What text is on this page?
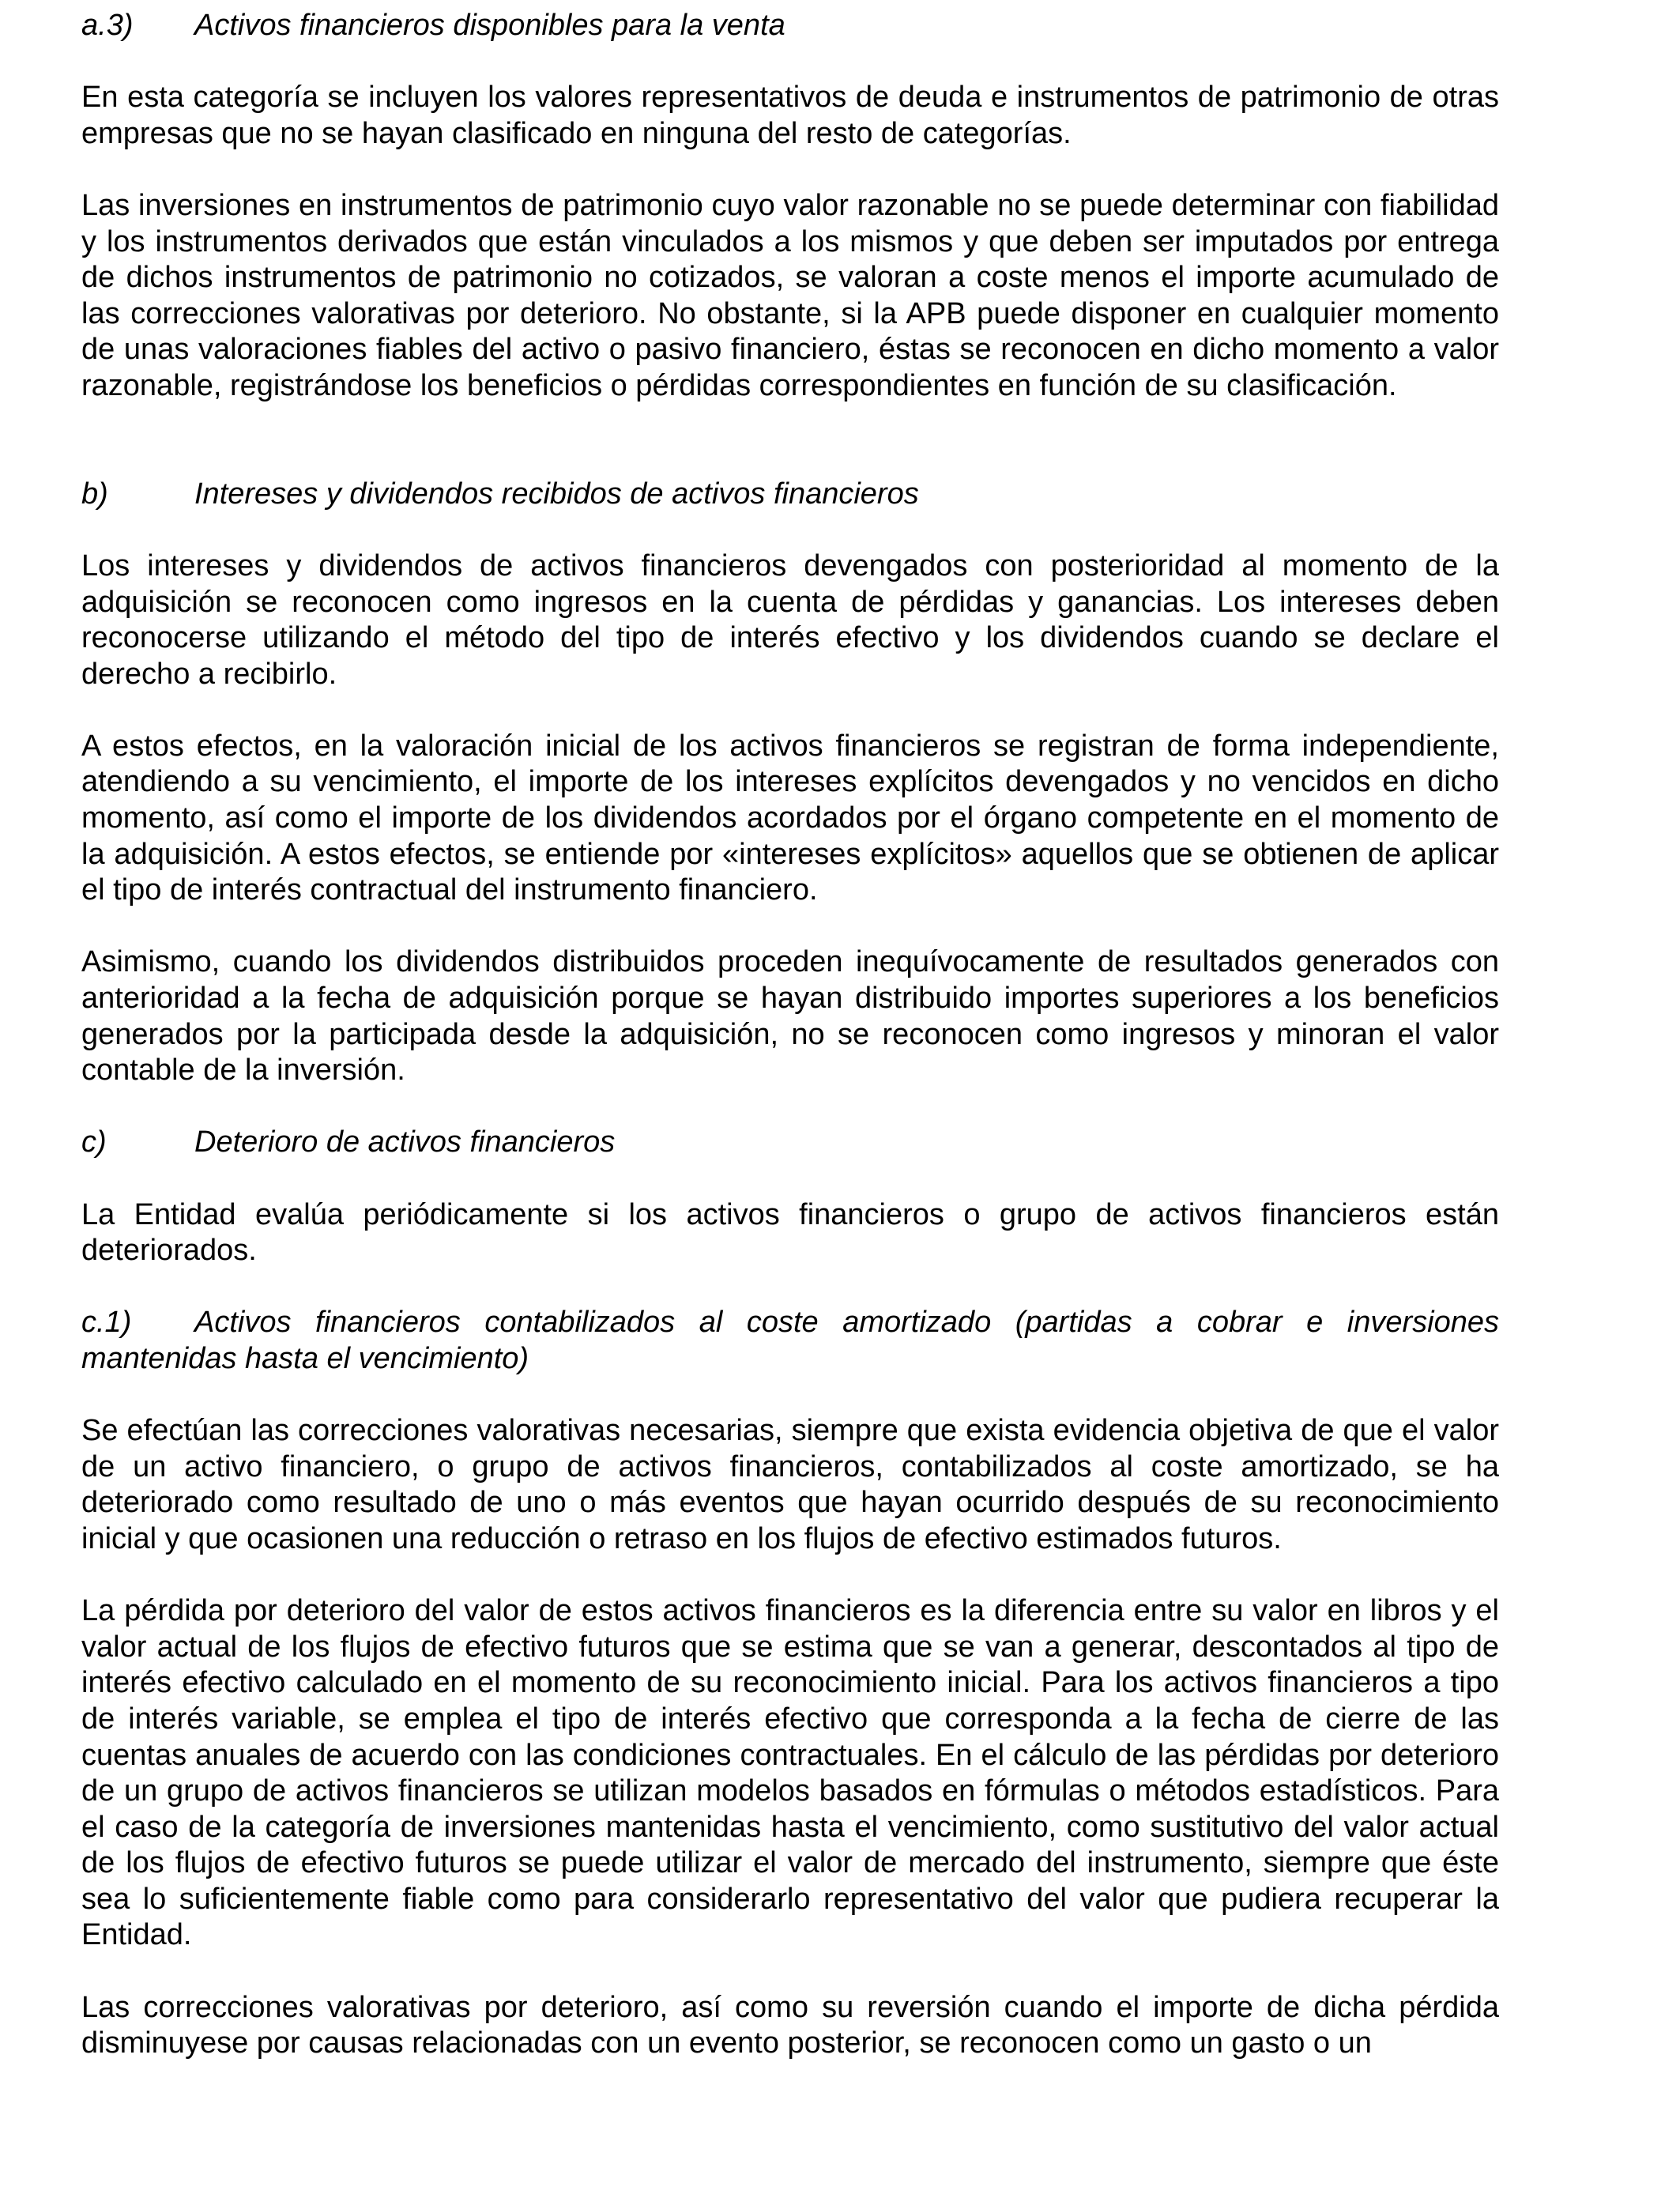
a.3) Activos financieros disponibles para la venta

En esta categoría se incluyen los valores representativos de deuda e instrumentos de patrimonio de otras empresas que no se hayan clasificado en ninguna del resto de categorías.

Las inversiones en instrumentos de patrimonio cuyo valor razonable no se puede determinar con fiabilidad y los instrumentos derivados que están vinculados a los mismos y que deben ser imputados por entrega de dichos instrumentos de patrimonio no cotizados, se valoran a coste menos el importe acumulado de las correcciones valorativas por deterioro. No obstante, si la APB puede disponer en cualquier momento de unas valoraciones fiables del activo o pasivo financiero, éstas se reconocen en dicho momento a valor razonable, registrándose los beneficios o pérdidas correspondientes en función de su clasificación.

b)	Intereses y dividendos recibidos de activos financieros

Los intereses y dividendos de activos financieros devengados con posterioridad al momento de la adquisición se reconocen como ingresos en la cuenta de pérdidas y ganancias. Los intereses deben reconocerse utilizando el método del tipo de interés efectivo y los dividendos cuando se declare el derecho a recibirlo.

A estos efectos, en la valoración inicial de los activos financieros se registran de forma independiente, atendiendo a su vencimiento, el importe de los intereses explícitos devengados y no vencidos en dicho momento, así como el importe de los dividendos acordados por el órgano competente en el momento de la adquisición. A estos efectos, se entiende por «intereses explícitos» aquellos que se obtienen de aplicar el tipo de interés contractual del instrumento financiero.

Asimismo, cuando los dividendos distribuidos proceden inequívocamente de resultados generados con anterioridad a la fecha de adquisición porque se hayan distribuido importes superiores a los beneficios generados por la participada desde la adquisición, no se reconocen como ingresos y minoran el valor contable de la inversión.

c)	Deterioro de activos financieros

La Entidad evalúa periódicamente si los activos financieros o grupo de activos financieros están deteriorados.

c.1) Activos financieros contabilizados al coste amortizado (partidas a cobrar e inversiones mantenidas hasta el vencimiento)

Se efectúan las correcciones valorativas necesarias, siempre que exista evidencia objetiva de que el valor de un activo financiero, o grupo de activos financieros, contabilizados al coste amortizado, se ha deteriorado como resultado de uno o más eventos que hayan ocurrido después de su reconocimiento inicial y que ocasionen una reducción o retraso en los flujos de efectivo estimados futuros.

La pérdida por deterioro del valor de estos activos financieros es la diferencia entre su valor en libros y el valor actual de los flujos de efectivo futuros que se estima que se van a generar, descontados al tipo de interés efectivo calculado en el momento de su reconocimiento inicial. Para los activos financieros a tipo de interés variable, se emplea el tipo de interés efectivo que corresponda a la fecha de cierre de las cuentas anuales de acuerdo con las condiciones contractuales. En el cálculo de las pérdidas por deterioro de un grupo de activos financieros se utilizan modelos basados en fórmulas o métodos estadísticos. Para el caso de la categoría de inversiones mantenidas hasta el vencimiento, como sustitutivo del valor actual de los flujos de efectivo futuros se puede utilizar el valor de mercado del instrumento, siempre que éste sea lo suficientemente fiable como para considerarlo representativo del valor que pudiera recuperar la Entidad.

Las correcciones valorativas por deterioro, así como su reversión cuando el importe de dicha pérdida disminuyese por causas relacionadas con un evento posterior, se reconocen como un gasto o un
